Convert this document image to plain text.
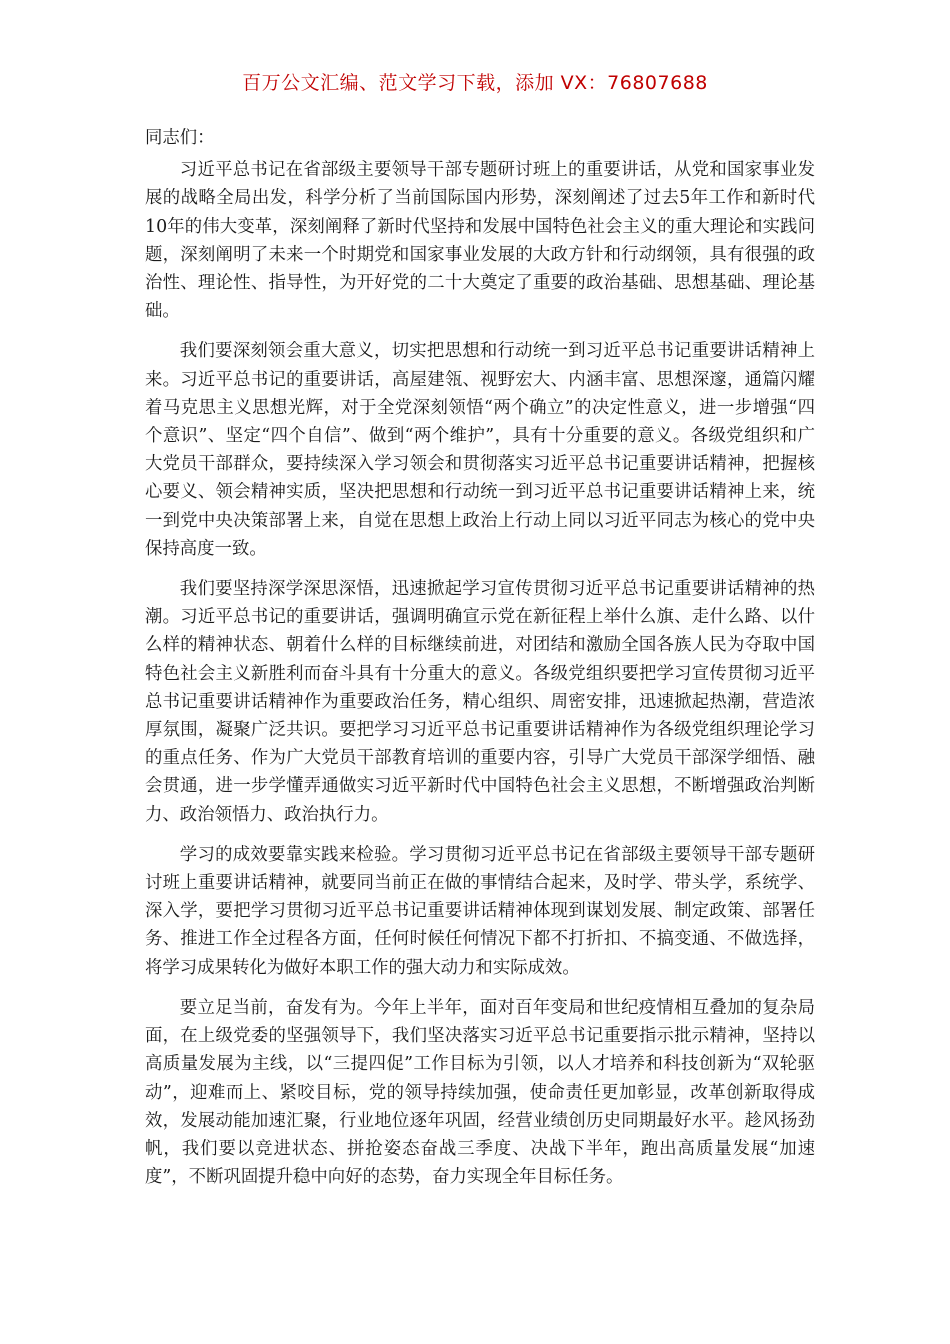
百万公文汇编、范文学习下载，添加 VX：76807688

同志们：

习近平总书记在省部级主要领导干部专题研讨班上的重要讲话，从党和国家事业发展的战略全局出发，科学分析了当前国际国内形势，深刻阐述了过去5年工作和新时代10年的伟大变革，深刻阐释了新时代坚持和发展中国特色社会主义的重大理论和实践问题，深刻阐明了未来一个时期党和国家事业发展的大政方针和行动纲领，具有很强的政治性、理论性、指导性，为开好党的二十大奠定了重要的政治基础、思想基础、理论基础。

我们要深刻领会重大意义，切实把思想和行动统一到习近平总书记重要讲话精神上来。习近平总书记的重要讲话，高屋建瓴、视野宏大、内涵丰富、思想深邃，通篇闪耀着马克思主义思想光辉，对于全党深刻领悟“两个确立”的决定性意义，进一步增强“四个意识”、坚定“四个自信”、做到“两个维护”，具有十分重要的意义。各级党组织和广大党员干部群众，要持续深入学习领会和贯彻落实习近平总书记重要讲话精神，把握核心要义、领会精神实质，坚决把思想和行动统一到习近平总书记重要讲话精神上来，统一到党中央决策部署上来，自觉在思想上政治上行动上同以习近平同志为核心的党中央保持高度一致。

我们要坚持深学深思深悟，迅速掀起学习宣传贯彻习近平总书记重要讲话精神的热潮。习近平总书记的重要讲话，强调明确宣示党在新征程上举什么旗、走什么路、以什么样的精神状态、朝着什么样的目标继续前进，对团结和激励全国各族人民为夺取中国特色社会主义新胜利而奋斗具有十分重大的意义。各级党组织要把学习宣传贯彻习近平总书记重要讲话精神作为重要政治任务，精心组织、周密安排，迅速掀起热潮，营造浓厚氛围，凝聚广泛共识。要把学习习近平总书记重要讲话精神作为各级党组织理论学习的重点任务、作为广大党员干部教育培训的重要内容，引导广大党员干部深学细悟、融会贯通，进一步学懂弄通做实习近平新时代中国特色社会主义思想，不断增强政治判断力、政治领悟力、政治执行力。

学习的成效要靠实践来检验。学习贯彻习近平总书记在省部级主要领导干部专题研讨班上重要讲话精神，就要同当前正在做的事情结合起来，及时学、带头学，系统学、深入学，要把学习贯彻习近平总书记重要讲话精神体现到谋划发展、制定政策、部署任务、推进工作全过程各方面，任何时候任何情况下都不打折扣、不搞变通、不做选择，将学习成果转化为做好本职工作的强大动力和实际成效。

要立足当前，奋发有为。今年上半年，面对百年变局和世纪疫情相互叠加的复杂局面，在上级党委的坚强领导下，我们坚决落实习近平总书记重要指示批示精神，坚持以高质量发展为主线，以“三提四促”工作目标为引领，以人才培养和科技创新为“双轮驱动”，迎难而上、紧咬目标，党的领导持续加强，使命责任更加彰显，改革创新取得成效，发展动能加速汇聚，行业地位逐年巩固，经营业绩创历史同期最好水平。趁风扬劲帆，我们要以竞进状态、拼抢姿态奋战三季度、决战下半年，跑出高质量发展“加速度”，不断巩固提升稳中向好的态势，奋力实现全年目标任务。
